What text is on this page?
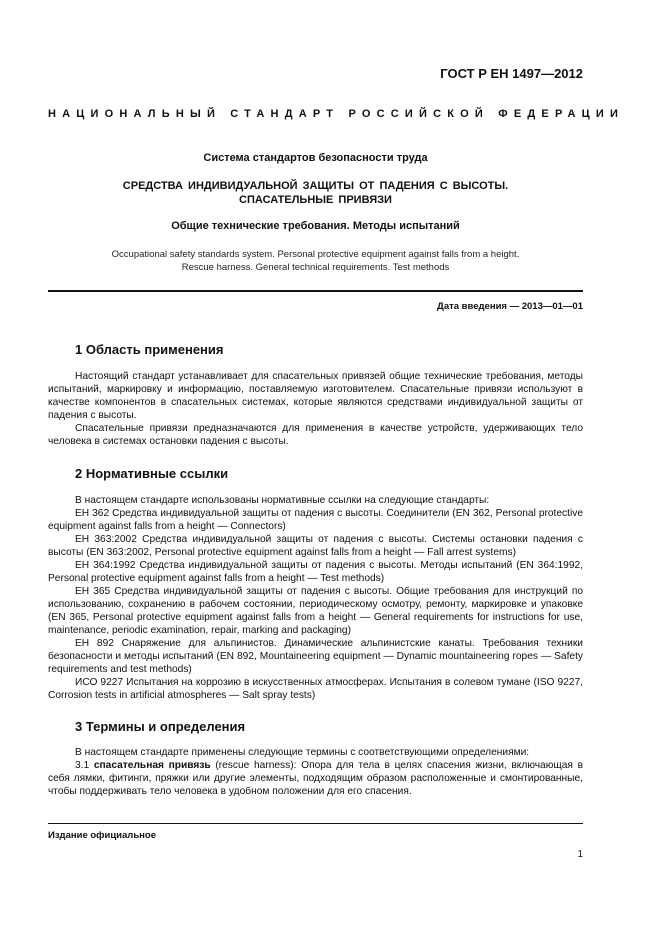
ГОСТ Р ЕН 1497—2012
НАЦИОНАЛЬНЫЙ СТАНДАРТ РОССИЙСКОЙ ФЕДЕРАЦИИ
Система стандартов безопасности труда
СРЕДСТВА ИНДИВИДУАЛЬНОЙ ЗАЩИТЫ ОТ ПАДЕНИЯ С ВЫСОТЫ.
СПАСАТЕЛЬНЫЕ ПРИВЯЗИ
Общие технические требования. Методы испытаний
Occupational safety standards system. Personal protective equipment against falls from a height.
Rescue harness. General technical requirements. Test methods
Дата введения — 2013—01—01
1 Область применения

Настоящий стандарт устанавливает для спасательных привязей общие технические требования, методы испытаний, маркировку и информацию, поставляемую изготовителем. Спасательные привязи используют в качестве компонентов в спасательных системах, которые являются средствами индивидуальной защиты от падения с высоты.

Спасательные привязи предназначаются для применения в качестве устройств, удерживающих тело человека в системах остановки падения с высоты.

2 Нормативные ссылки

В настоящем стандарте использованы нормативные ссылки на следующие стандарты:

ЕН 362 Средства индивидуальной защиты от падения с высоты. Соединители (EN 362, Personal protective equipment against falls from a height — Connectors)

ЕН 363:2002 Средства индивидуальной защиты от падения с высоты. Системы остановки падения с высоты (EN 363:2002, Personal protective equipment against falls from a height — Fall arrest systems)

ЕН 364:1992 Средства индивидуальной защиты от падения с высоты. Методы испытаний (EN 364:1992, Personal protective equipment against falls from a height — Test methods)

ЕН 365 Средства индивидуальной защиты от падения с высоты. Общие требования для инструкций по использованию, сохранению в рабочем состоянии, периодическому осмотру, ремонту, маркировке и упаковке (EN 365, Personal protective equipment against falls from a height — General requirements for instructions for use, maintenance, periodic examination, repair, marking and packaging)

ЕН 892 Снаряжение для альпинистов. Динамические альпинистские канаты. Требования техники безопасности и методы испытаний (EN 892, Mountaineering equipment — Dynamic mountaineering ropes — Safety requirements and test methods)

ИСО 9227 Испытания на коррозию в искусственных атмосферах. Испытания в солевом тумане (ISO 9227, Corrosion tests in artificial atmospheres — Salt spray tests)

3 Термины и определения

В настоящем стандарте применены следующие термины с соответствующими определениями:

3.1 спасательная привязь (rescue harness): Опора для тела в целях спасения жизни, включающая в себя лямки, фитинги, пряжки или другие элементы, подходящим образом расположенные и смонтированные, чтобы поддерживать тело человека в удобном положении для его спасения.

Издание официальное
1
